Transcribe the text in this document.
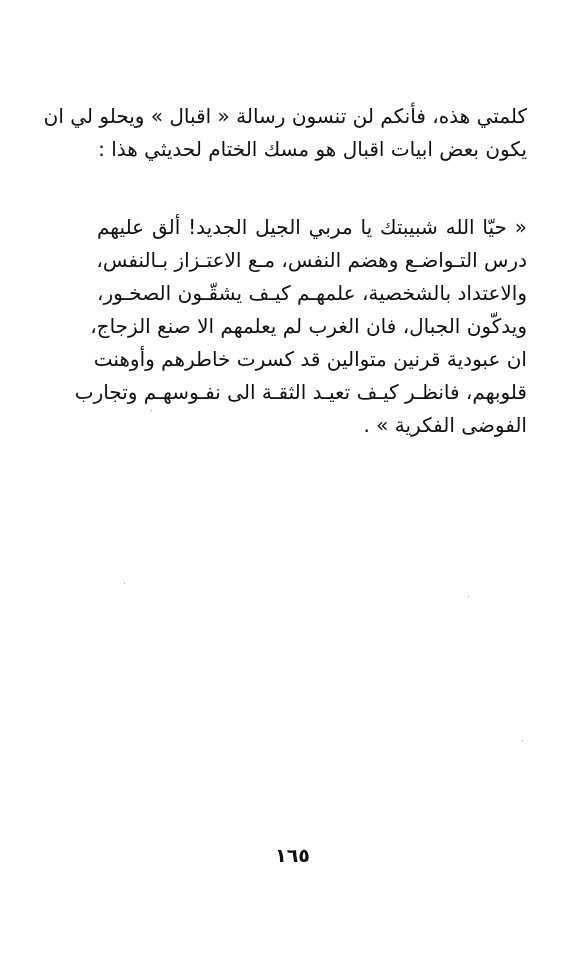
كلمتي هذه، فأنكم لن تنسون رسالة « اقبال » ويحلو لي ان
يكون بعض ابيات اقبال هو مسك الختام لحديثي هذا :
« حيّا الله شبيبتك يا مربي الجيل الجديد! ألق عليهم
درس التـواضـع وهضم النفس، مـع الاعتـزاز بـالنفس،
والاعتداد بالشخصية، علمهـم كيـف يشقّـون الصخـور،
ويدكّون الجبال، فان الغرب لم يعلمهم الا صنع الزجاج،
ان عبودية قرنين متوالين قد كسرت خاطرهم وأوهنت
قلوبهم، فانظـر كيـف تعيـد الثقـة الى نفـوسهـم وتجارب
الفوضى الفكرية » .
١٦٥
